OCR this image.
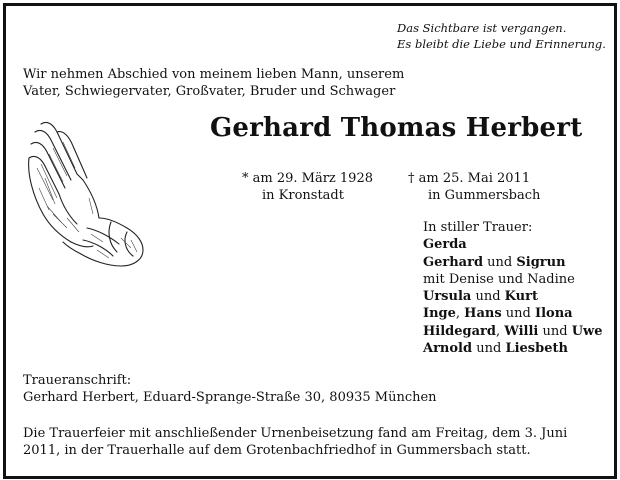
Das Sichtbare ist vergangen.
Es bleibt die Liebe und Erinnerung.
Wir nehmen Abschied von meinem lieben Mann, unserem
Vater, Schwiegervater, Großvater, Bruder und Schwager
Gerhard Thomas Herbert
* am 29. März 1928
in Kronstadt
† am 25. Mai 2011
in Gummersbach
In stiller Trauer:
Gerda
Gerhard und Sigrun
mit Denise und Nadine
Ursula und Kurt
Inge, Hans und Ilona
Hildegard, Willi und Uwe
Arnold und Liesbeth
Traueranschrift:
Gerhard Herbert, Eduard-Sprange-Straße 30, 80935 München
Die Trauerfeier mit anschließender Urnenbeisetzung fand am Freitag, dem 3. Juni
2011, in der Trauerhalle auf dem Grotenbachfriedhof in Gummersbach statt.
